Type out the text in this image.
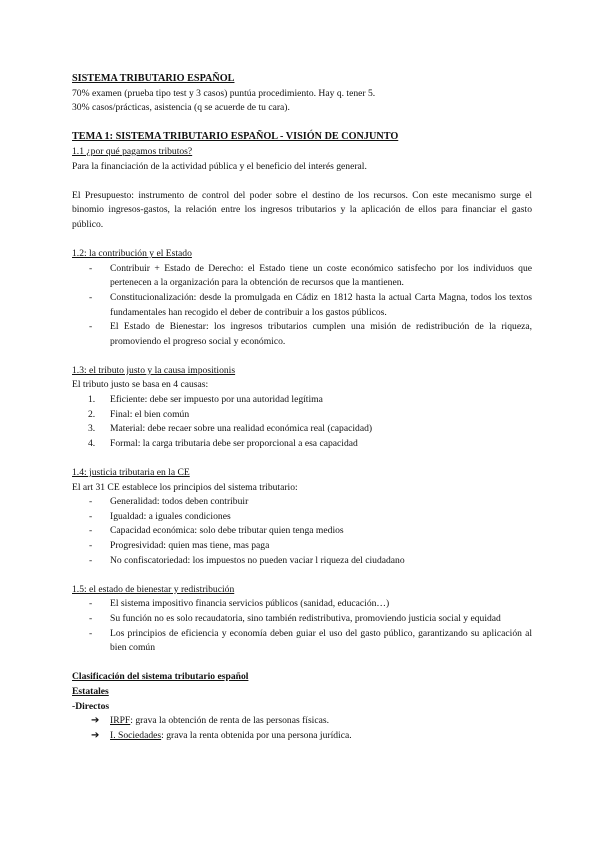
SISTEMA TRIBUTARIO ESPAÑOL

70% examen (prueba tipo test y 3 casos) puntúa procedimiento. Hay q. tener 5.

30% casos/prácticas, asistencia (q se acuerde de tu cara).

TEMA 1: SISTEMA TRIBUTARIO ESPAÑOL - VISIÓN DE CONJUNTO

1.1 ¿por qué pagamos tributos?

Para la financiación de la actividad pública y el beneficio del interés general.

El Presupuesto: instrumento de control del poder sobre el destino de los recursos. Con este mecanismo surge el binomio ingresos-gastos, la relación entre los ingresos tributarios y la aplicación de ellos para financiar el gasto público.

1.2: la contribución y el Estado

- Contribuir + Estado de Derecho: el Estado tiene un coste económico satisfecho por los individuos que pertenecen a la organización para la obtención de recursos que la mantienen.
- Constitucionalización: desde la promulgada en Cádiz en 1812 hasta la actual Carta Magna, todos los textos fundamentales han recogido el deber de contribuir a los gastos públicos.
- El Estado de Bienestar: los ingresos tributarios cumplen una misión de redistribución de la riqueza, promoviendo el progreso social y económico.

1.3: el tributo justo y la causa impositionis

El tributo justo se basa en 4 causas:

1. Eficiente: debe ser impuesto por una autoridad legítima
2. Final: el bien común
3. Material: debe recaer sobre una realidad económica real (capacidad)
4. Formal: la carga tributaria debe ser proporcional a esa capacidad

1.4: justicia tributaria en la CE

El art 31 CE establece los principios del sistema tributario:

- Generalidad: todos deben contribuir
- Igualdad: a iguales condiciones
- Capacidad económica: solo debe tributar quien tenga medios
- Progresividad: quien mas tiene, mas paga
- No confiscatoriedad: los impuestos no pueden vaciar l riqueza del ciudadano

1.5: el estado de bienestar y redistribución

- El sistema impositivo financia servicios públicos (sanidad, educación…)
- Su función no es solo recaudatoria, sino también redistributiva, promoviendo justicia social y equidad
- Los principios de eficiencia y economía deben guiar el uso del gasto público, garantizando su aplicación al bien común

Clasificación del sistema tributario español

Estatales

-Directos

➔ IRPF: grava la obtención de renta de las personas físicas.
➔ I. Sociedades: grava la renta obtenida por una persona jurídica.
